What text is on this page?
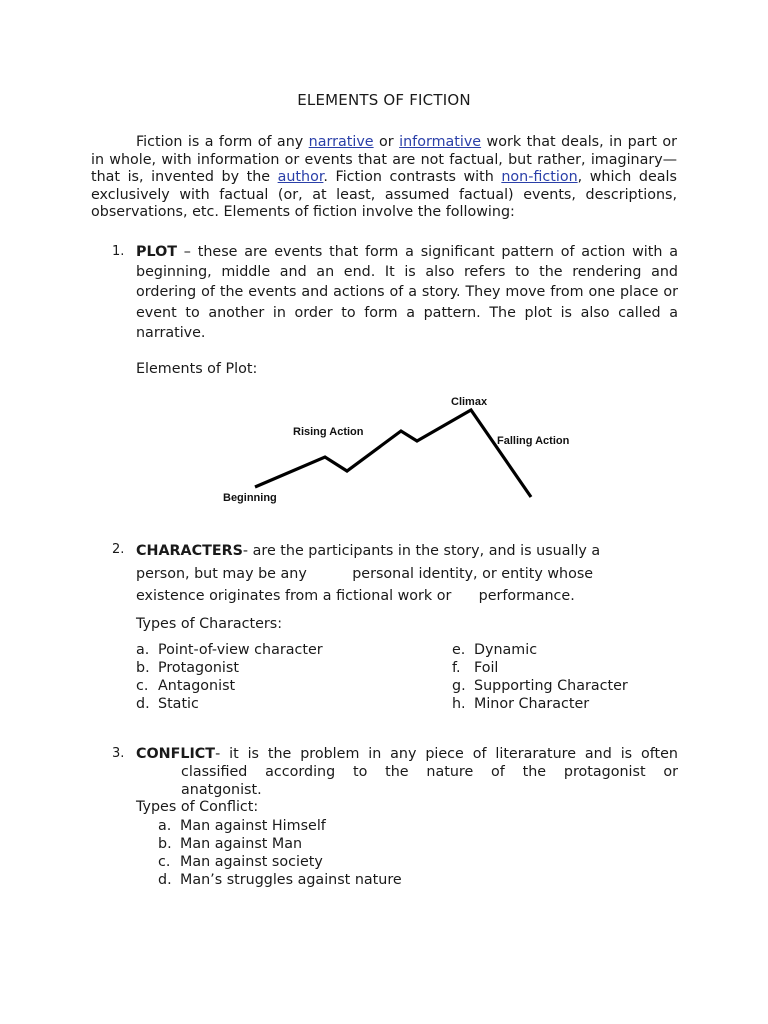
ELEMENTS OF FICTION
Fiction is a form of any narrative or informative work that deals, in part or in whole, with information or events that are not factual, but rather, imaginary—that is, invented by the author. Fiction contrasts with non-fiction, which deals exclusively with factual (or, at least, assumed factual) events, descriptions, observations, etc. Elements of fiction involve the following:
1. PLOT – these are events that form a significant pattern of action with a beginning, middle and an end. It is also refers to the rendering and ordering of the events and actions of a story. They move from one place or event to another in order to form a pattern. The plot is also called a narrative.
Elements of Plot:
Beginning
Rising Action
Climax
Falling Action
2. CHARACTERS- are the participants in the story, and is usually a
person, but may be any          personal identity, or entity whose
existence originates from a fictional work or      performance.
Types of Characters:
a. Point-of-view character
b. Protagonist
c. Antagonist
d. Static
e. Dynamic
f. Foil
g. Supporting Character
h. Minor Character
3. CONFLICT- it is the problem in any piece of literarature and is often
classified according to the nature of the protagonist or
anatgonist.
Types of Conflict:
a. Man against Himself
b. Man against Man
c. Man against society
d. Man’s struggles against nature
